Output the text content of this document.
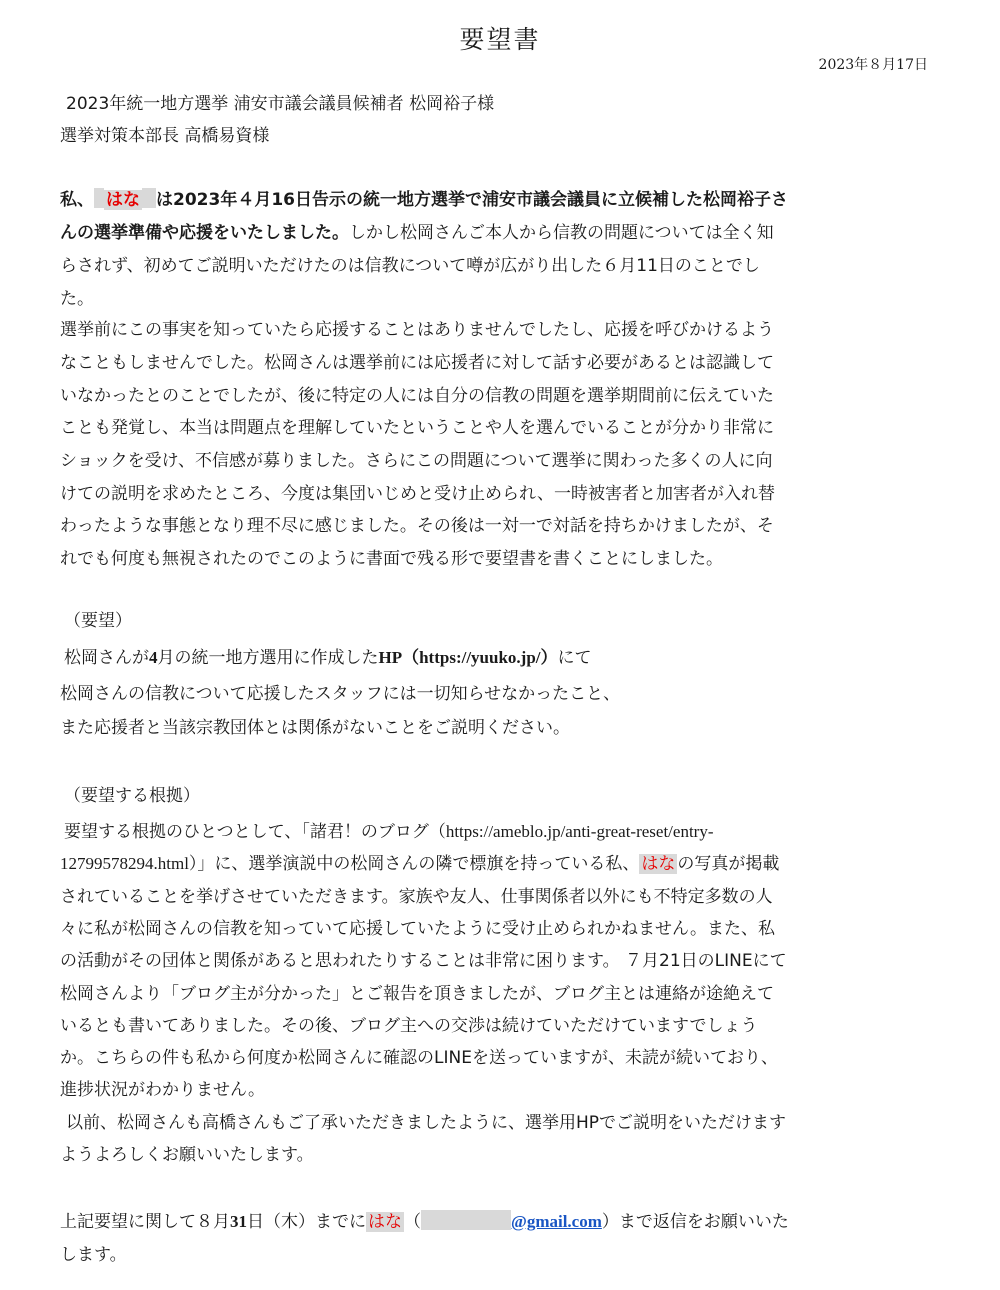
要望書
2023年８月17日
2023年統一地方選挙 浦安市議会議員候補者 松岡裕子様
選挙対策本部長 高橋易資様
私、 はな は2023年４月16日告示の統一地方選挙で浦安市議会議員に立候補した松岡裕子さ
んの選挙準備や応援をいたしました。しかし松岡さんご本人から信教の問題については全く知
らされず、初めてご説明いただけたのは信教について噂が広がり出した６月11日のことでし
た。
選挙前にこの事実を知っていたら応援することはありませんでしたし、応援を呼びかけるよう
なこともしませんでした。松岡さんは選挙前には応援者に対して話す必要があるとは認識して
いなかったとのことでしたが、後に特定の人には自分の信教の問題を選挙期間前に伝えていた
ことも発覚し、本当は問題点を理解していたということや人を選んでいることが分かり非常に
ショックを受け、不信感が募りました。さらにこの問題について選挙に関わった多くの人に向
けての説明を求めたところ、今度は集団いじめと受け止められ、一時被害者と加害者が入れ替
わったような事態となり理不尽に感じました。その後は一対一で対話を持ちかけましたが、そ
れでも何度も無視されたのでこのように書面で残る形で要望書を書くことにしました。
（要望）
松岡さんが4月の統一地方選用に作成したHP（https://yuuko.jp/）にて
松岡さんの信教について応援したスタッフには一切知らせなかったこと、
また応援者と当該宗教団体とは関係がないことをご説明ください。
（要望する根拠）
要望する根拠のひとつとして、「諸君！のブログ（https://ameblo.jp/anti-great-reset/entry-
12799578294.html）」に、選挙演説中の松岡さんの隣で標旗を持っている私、 はな の写真が掲載
されていることを挙げさせていただきます。家族や友人、仕事関係者以外にも不特定多数の人
々に私が松岡さんの信教を知っていて応援していたように受け止められかねません。また、私
の活動がその団体と関係があると思われたりすることは非常に困ります。 ７月21日のLINEにて
松岡さんより「ブログ主が分かった」とご報告を頂きましたが、ブログ主とは連絡が途絶えて
いるとも書いてありました。その後、ブログ主への交渉は続けていただけていますでしょう
か。こちらの件も私から何度か松岡さんに確認のLINEを送っていますが、未読が続いており、
進捗状況がわかりません。
以前、松岡さんも高橋さんもご了承いただきましたように、選挙用HPでご説明をいただけます
ようよろしくお願いいたします。
上記要望に関して８月31日（木）までに はな （	@gmail.com）まで返信をお願いいた
します。
